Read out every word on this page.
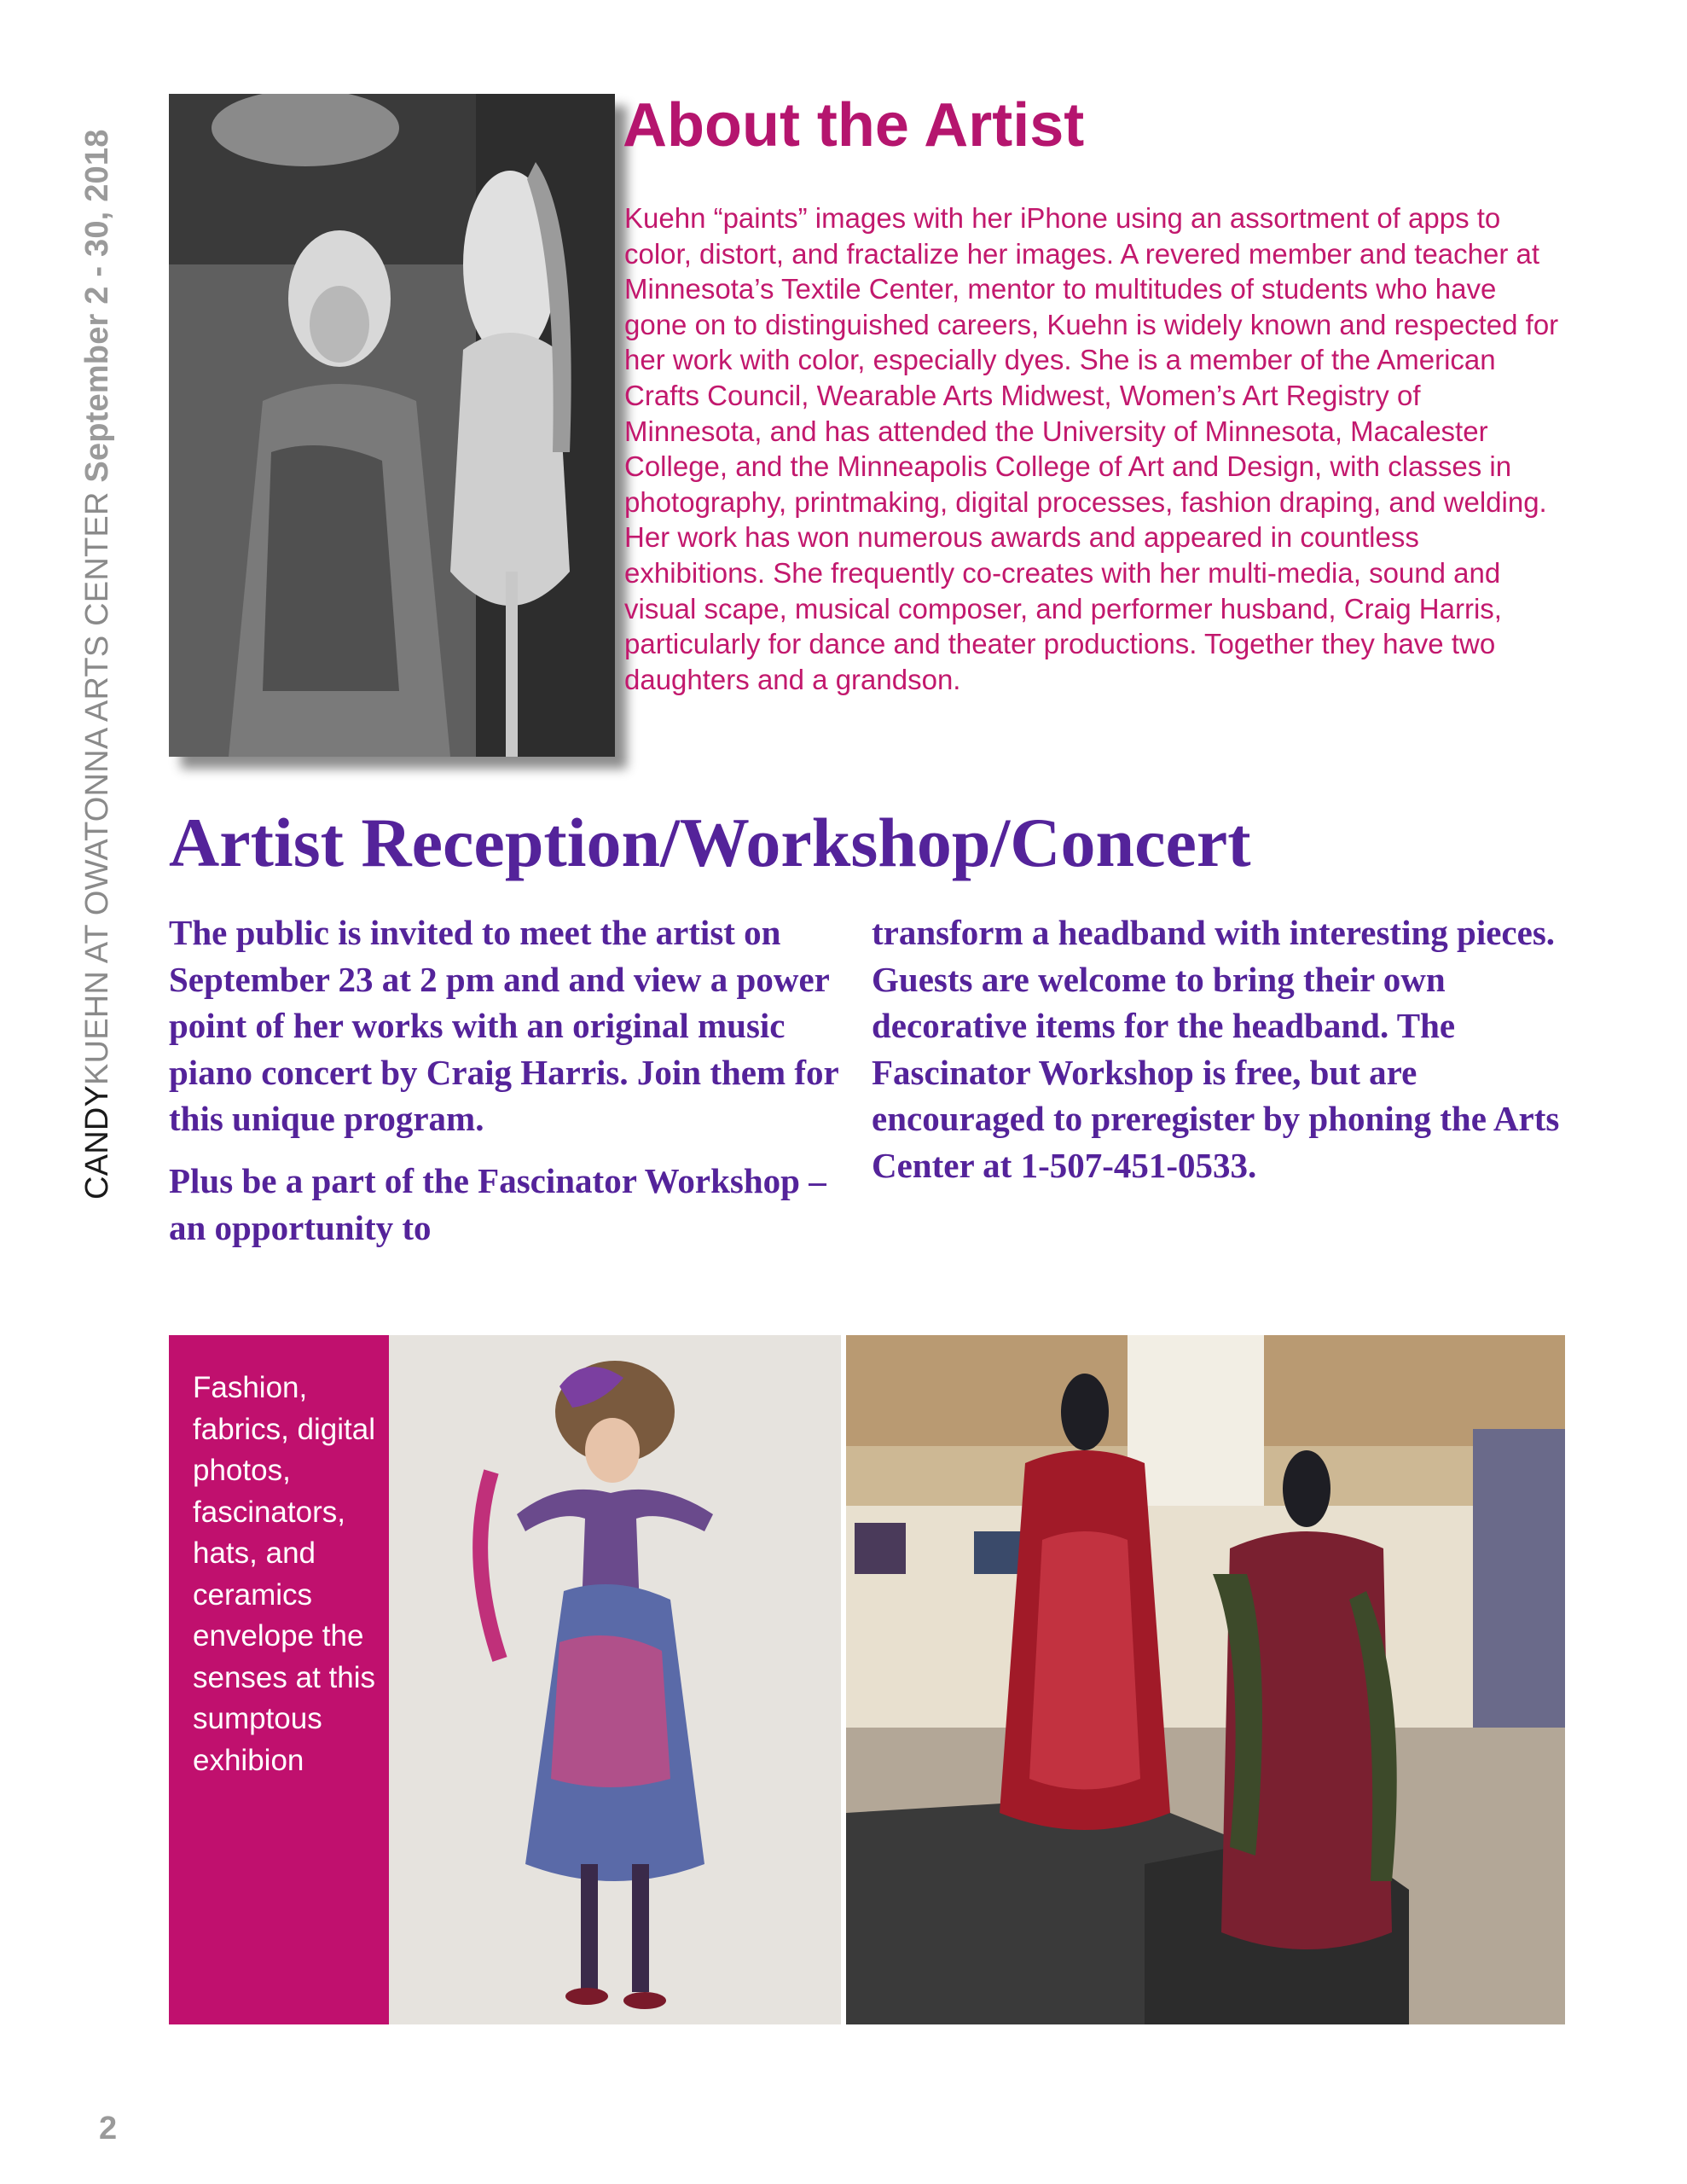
CANDYKUEHN AT OWATONNA ARTS CENTER September 2 - 30, 2018
About the Artist

Kuehn “paints” images with her iPhone using an assortment of apps to color, distort, and fractalize her images. A revered member and teacher at Minnesota’s Textile Center, mentor to multitudes of students who have gone on to distinguished careers, Kuehn is widely known and respected for her work with color, especially dyes. She is a member of the American Crafts Council, Wearable Arts Midwest, Women’s Art Registry of Minnesota, and has attended the University of Minnesota, Macalester College, and the Minneapolis College of Art and Design, with classes in photography, printmaking, digital processes, fashion draping, and welding. Her work has won numerous awards and appeared in countless exhibitions. She frequently co-creates with her multi-media, sound and visual scape, musical composer, and performer husband, Craig Harris, particularly for dance and theater productions. Together they have two daughters and a grandson.

Artist Reception/Workshop/Concert

The public is invited to meet the artist on September 23 at 2 pm and and view a power point of her works with an original music piano concert by Craig Harris. Join them for this unique program.

Plus be a part of the Fascinator Workshop – an opportunity to

transform a headband with interesting pieces. Guests are welcome to bring their own decorative items for the headband. The Fascinator Workshop is free, but are encouraged to preregister by phoning the Arts Center at 1-507-451-0533.

Fashion, fabrics, digital photos, fascinators, hats, and ceramics envelope the senses at this sumptous exhibion

2
